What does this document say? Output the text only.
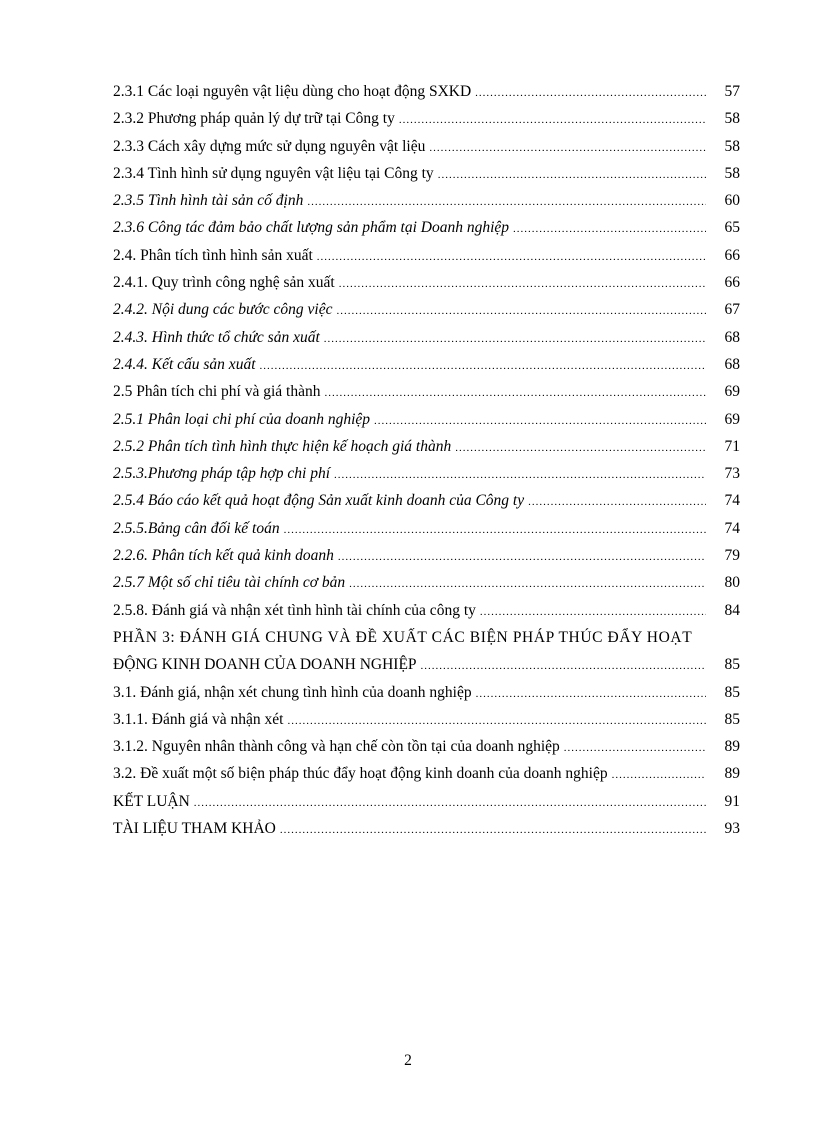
2.3.1 Các loại nguyên vật liệu dùng cho hoạt động SXKD .....	57
2.3.2 Phương pháp quản lý dự trữ tại Công ty .....	58
2.3.3 Cách xây dựng mức sử dụng nguyên vật liệu .....	58
2.3.4 Tình hình sử dụng nguyên vật liệu tại Công ty .....	58
2.3.5 Tình hình tài sản cố định .....	60
2.3.6 Công tác đảm bảo chất lượng sản phẩm tại Doanh nghiệp .....	65
2.4. Phân tích tình hình sản xuất .....	66
2.4.1. Quy trình công nghệ sản xuất .....	66
2.4.2. Nội dung các bước công việc .....	67
2.4.3. Hình thức tổ chức sản xuất .....	68
2.4.4. Kết cấu sản xuất .....	68
2.5 Phân tích chi phí và giá thành .....	69
2.5.1 Phân loại chi phí của doanh nghiệp .....	69
2.5.2 Phân tích tình hình thực hiện kế hoạch giá thành .....	71
2.5.3.Phương pháp tập hợp chi phí .....	73
2.5.4 Báo cáo kết quả hoạt động Sản xuất kinh doanh của Công ty .....	74
2.5.5.Bảng cân đối kế toán .....	74
2.2.6. Phân tích kết quả kinh doanh .....	79
2.5.7 Một số chỉ tiêu tài chính cơ bản .....	80
2.5.8. Đánh giá và nhận xét tình hình tài chính của công ty .....	84
PHẦN 3: ĐÁNH GIÁ CHUNG VÀ ĐỀ XUẤT CÁC BIỆN PHÁP THÚC ĐẨY HOẠT
ĐỘNG KINH DOANH CỦA DOANH NGHIỆP .....	85
3.1. Đánh giá, nhận xét chung tình hình của doanh nghiệp .....	85
3.1.1. Đánh giá và nhận xét .....	85
3.1.2. Nguyên nhân thành công và hạn chế còn tồn tại của doanh nghiệp .....	89
3.2. Đề xuất một số biện pháp thúc đẩy hoạt động kinh doanh của doanh nghiệp .....	89
KẾT LUẬN .....	91
TÀI LIỆU THAM KHẢO .....	93
2
